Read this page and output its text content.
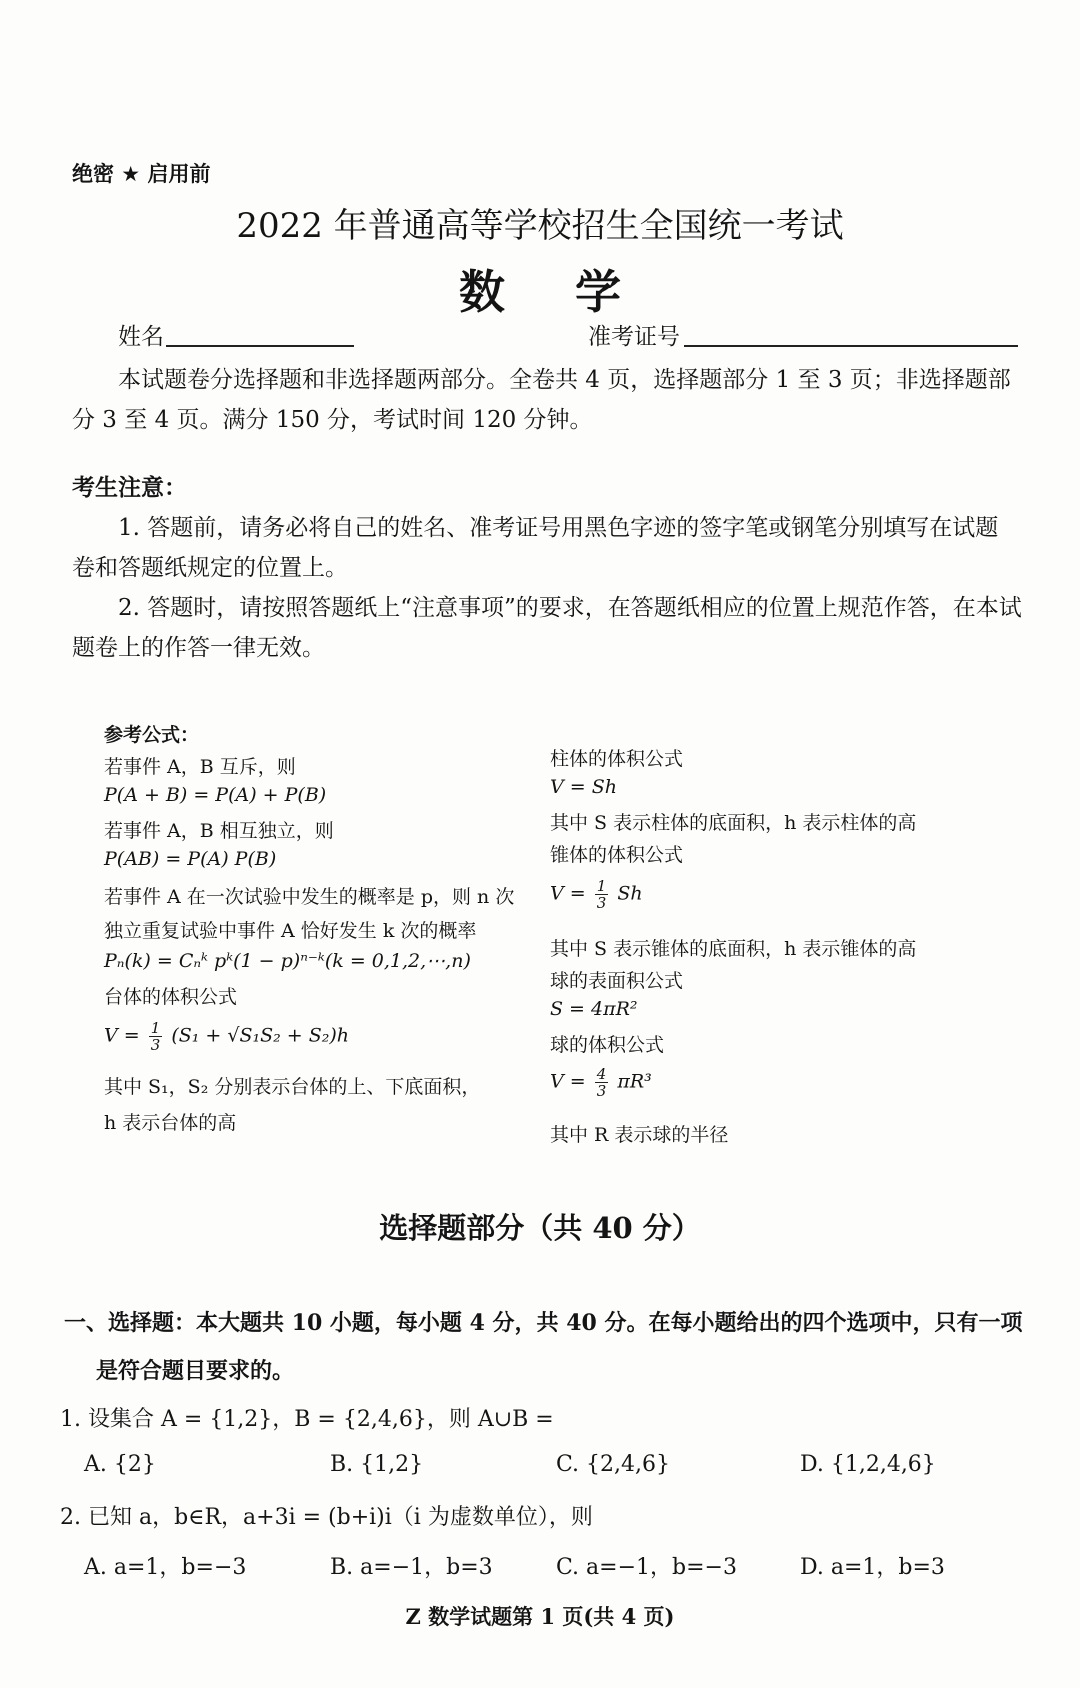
绝密 ★ 启用前
2022 年普通高等学校招生全国统一考试
数学
姓名	准考证号
本试题卷分选择题和非选择题两部分。全卷共 4 页，选择题部分 1 至 3 页；非选择题部
分 3 至 4 页。满分 150 分，考试时间 120 分钟。
考生注意：
1. 答题前，请务必将自己的姓名、准考证号用黑色字迹的签字笔或钢笔分别填写在试题
卷和答题纸规定的位置上。
2. 答题时，请按照答题纸上“注意事项”的要求，在答题纸相应的位置上规范作答，在本试
题卷上的作答一律无效。
参考公式：
若事件 A，B 互斥，则
P(A + B) = P(A) + P(B)
若事件 A，B 相互独立，则
P(AB) = P(A) P(B)
若事件 A 在一次试验中发生的概率是 p，则 n 次
独立重复试验中事件 A 恰好发生 k 次的概率
Pₙ(k) = Cₙᵏ pᵏ(1 − p)ⁿ⁻ᵏ(k = 0,1,2,⋯,n)
台体的体积公式
$V = \frac{1}{3} (S_1 + √S_1S_2 + S_2)h$
其中 S₁，S₂ 分别表示台体的上、下底面积，
h 表示台体的高
柱体的体积公式
V = Sh
其中 S 表示柱体的底面积，h 表示柱体的高
锥体的体积公式
$V = \frac{1}{3}$ Sh
其中 S 表示锥体的底面积，h 表示锥体的高
球的表面积公式
S = 4πR²
球的体积公式
$V = \frac{4}{3} \pi R^3$
其中 R 表示球的半径
选择题部分（共 40 分）
一、选择题：本大题共 10 小题，每小题 4 分，共 40 分。在每小题给出的四个选项中，只有一项
是符合题目要求的。
1. 设集合 A = {1,2}，B = {2,4,6}，则 A∪B =
A. {2}	B. {1,2}	C. {2,4,6}	D. {1,2,4,6}
2. 已知 a，b∈R，a+3i = (b+i)i（i 为虚数单位），则
A. a=1，b=−3	B. a=−1，b=3	C. a=−1，b=−3	D. a=1，b=3
Z 数学试题第 1 页(共 4 页)
